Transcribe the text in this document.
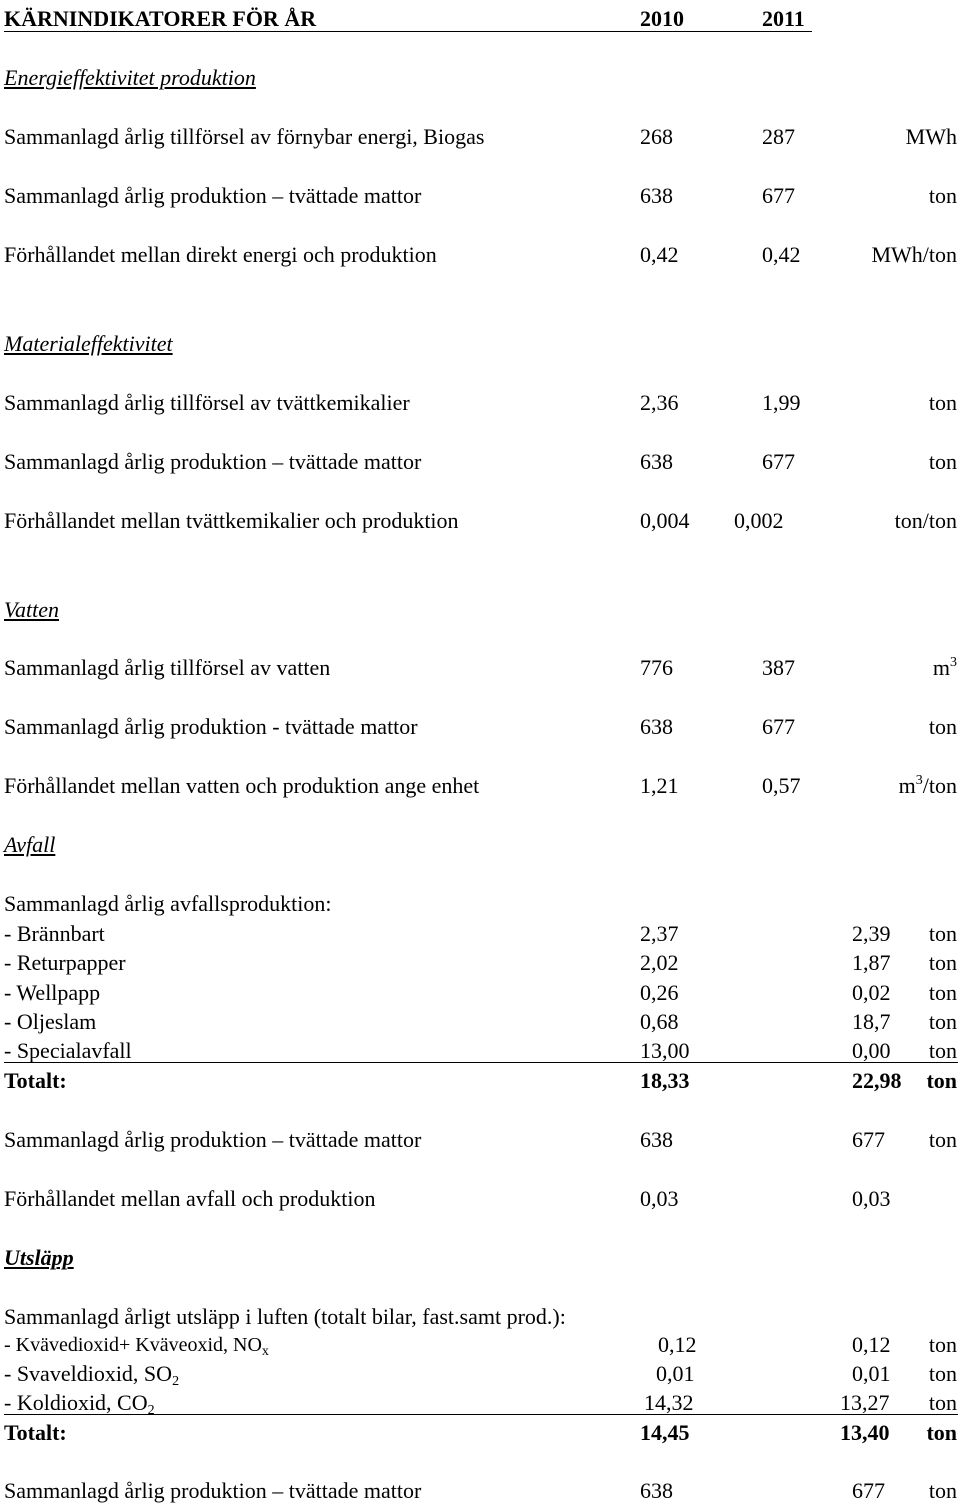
KÄRNINDIKATORER FÖR ÅR	2010	2011
Energieffektivitet produktion
Sammanlagd årlig tillförsel av förnybar energi, Biogas	268	287	MWh
Sammanlagd årlig produktion – tvättade mattor	638	677	ton
Förhållandet mellan direkt energi och produktion	0,42	0,42	MWh/ton
Materialeffektivitet
Sammanlagd årlig tillförsel av tvättkemikalier	2,36	1,99	ton
Sammanlagd årlig produktion – tvättade mattor	638	677	ton
Förhållandet mellan tvättkemikalier och produktion	0,004 0,002	ton/ton
Vatten
Sammanlagd årlig tillförsel av vatten	776	387	$m^3$
Sammanlagd årlig produktion - tvättade mattor	638	677	ton
Förhållandet mellan vatten och produktion ange enhet	1,21	0,57	$m^3$/ton
Avfall
Sammanlagd årlig avfallsproduktion:
- Brännbart	2,37	2,39 ton
- Returpapper	2,02	1,87 ton
- Wellpapp	0,26	0,02 ton
- Oljeslam	0,68	18,7 ton
- Specialavfall	13,00	0,00 ton
Totalt:	18,33	22,98 ton
Sammanlagd årlig produktion – tvättade mattor	638	677 ton
Förhållandet mellan avfall och produktion	0,03	0,03
Utsläpp
Sammanlagd årligt utsläpp i luften (totalt bilar, fast.samt prod.):
- Kvävedioxid+ Kväveoxid, $NO_x$	0,12	0,12 ton
- Svaveldioxid, $SO_2$	0,01	0,01 ton
- Koldioxid, $CO_2$	14,32	13,27 ton
Totalt:	14,45	13,40 ton
Sammanlagd årlig produktion – tvättade mattor	638	677 ton
